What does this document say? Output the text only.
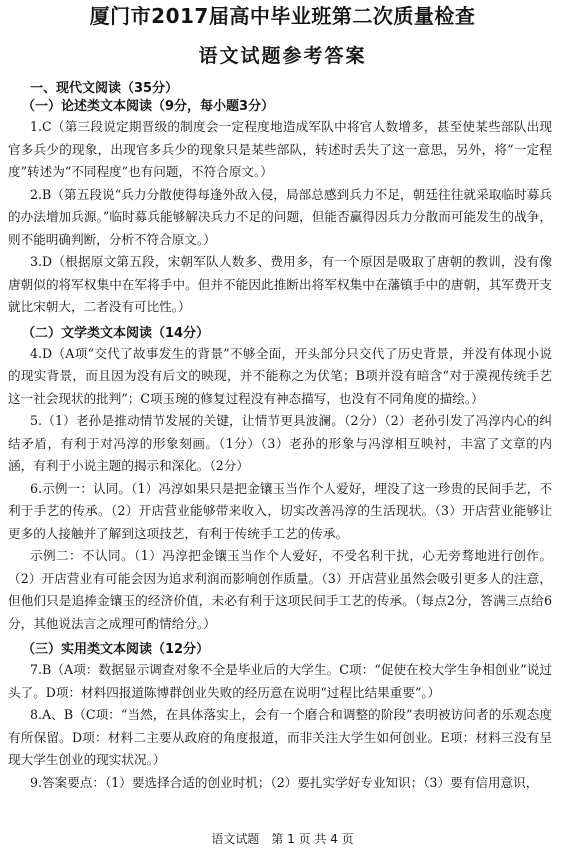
厦门市2017届高中毕业班第二次质量检查
语文试题参考答案
一、现代文阅读（35分）
（一）论述类文本阅读（9分，每小题3分）

1.C（第三段说定期晋级的制度会一定程度地造成军队中将官人数增多，甚至使某些部队出现官多兵少的现象，出现官多兵少的现象只是某些部队，转述时丢失了这一意思，另外，将“一定程度”转述为“不同程度”也有问题，不符合原文。）

2.B（第五段说“兵力分散使得每逢外敌入侵，局部总感到兵力不足，朝廷往往就采取临时募兵的办法增加兵源。”临时募兵能够解决兵力不足的问题，但能否赢得因兵力分散而可能发生的战争，则不能明确判断，分析不符合原文。）

3.D（根据原文第五段，宋朝军队人数多、费用多，有一个原因是吸取了唐朝的教训，没有像唐朝似的将军权集中在军将手中。但并不能因此推断出将军权集中在藩镇手中的唐朝，其军费开支就比宋朝大，二者没有可比性。）

（二）文学类文本阅读（14分）

4.D（A项“交代了故事发生的背景”不够全面，开头部分只交代了历史背景，并没有体现小说的现实背景，而且因为没有后文的映现，并不能称之为伏笔；B项并没有暗含“对于漠视传统手艺这一社会现状的批判”；C项玉琬的修复过程没有神态描写，也没有不同角度的描绘。）

5.（1）老孙是推动情节发展的关键，让情节更具波澜。（2分）（2）老孙引发了冯淳内心的纠结矛盾，有利于对冯淳的形象刻画。（1分）（3）老孙的形象与冯淳相互映衬，丰富了文章的内涵，有利于小说主题的揭示和深化。（2分）

6.示例一：认同。（1）冯淳如果只是把金镶玉当作个人爱好，埋没了这一珍贵的民间手艺，不利于手艺的传承。（2）开店营业能够带来收入，切实改善冯淳的生活现状。（3）开店营业能够让更多的人接触并了解到这项技艺，有利于传统手工艺的传承。

示例二：不认同。（1）冯淳把金镶玉当作个人爱好，不受名利干扰，心无旁骛地进行创作。（2）开店营业有可能会因为追求利润而影响创作质量。（3）开店营业虽然会吸引更多人的注意，但他们只是追捧金镶玉的经济价值，未必有利于这项民间手工艺的传承。（每点2分，答满三点给6分，其他说法言之成理可酌情给分。）

（三）实用类文本阅读（12分）

7.B（A项：数据显示调查对象不全是毕业后的大学生。C项：“促使在校大学生争相创业”说过头了。D项：材料四报道陈博群创业失败的经历意在说明“过程比结果重要”。）

8.A、B（C项：“当然，在具体落实上，会有一个磨合和调整的阶段”表明被访问者的乐观态度有所保留。D项：材料二主要从政府的角度报道，而非关注大学生如何创业。E项：材料三没有呈现大学生创业的现实状况。）

9.答案要点：（1）要选择合适的创业时机；（2）要扎实学好专业知识；（3）要有信用意识，

语文试题　第 1 页 共 4 页
